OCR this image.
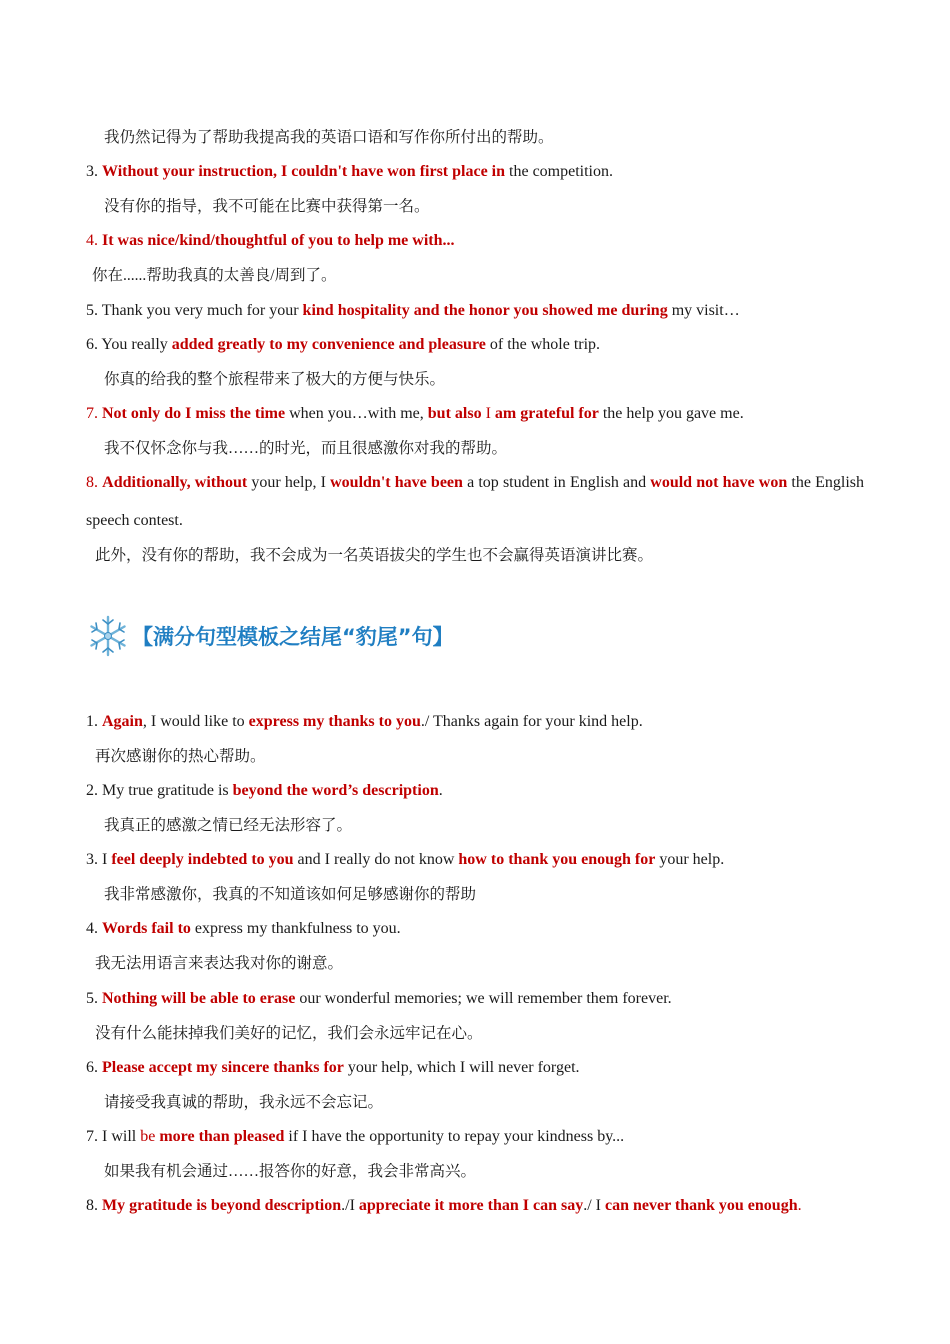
我仍然记得为了帮助我提高我的英语口语和写作你所付出的帮助。
3. Without your instruction, I couldn't have won first place in the competition.
没有你的指导，我不可能在比赛中获得第一名。
4. It was nice/kind/thoughtful of you to help me with...
你在......帮助我真的太善良/周到了。
5. Thank you very much for your kind hospitality and the honor you showed me during my visit…
6. You really added greatly to my convenience and pleasure of the whole trip.
你真的给我的整个旅程带来了极大的方便与快乐。
7. Not only do I miss the time when you…with me, but also I am grateful for the help you gave me.
我不仅怀念你与我……的时光，而且很感激你对我的帮助。
8. Additionally, without your help, I wouldn't have been a top student in English and would not have won the English speech contest.
此外，没有你的帮助，我不会成为一名英语拔尖的学生也不会赢得英语演讲比赛。
【满分句型模板之结尾“豹尾”句】
1. Again, I would like to express my thanks to you./ Thanks again for your kind help.
再次感谢你的热心帮助。
2. My true gratitude is beyond the word’s description.
我真正的感激之情已经无法形容了。
3. I feel deeply indebted to you and I really do not know how to thank you enough for your help.
我非常感激你，我真的不知道该如何足够感谢你的帮助
4. Words fail to express my thankfulness to you.
我无法用语言来表达我对你的谢意。
5. Nothing will be able to erase our wonderful memories; we will remember them forever.
没有什么能抹掉我们美好的记忆，我们会永远牢记在心。
6. Please accept my sincere thanks for your help, which I will never forget.
请接受我真诚的帮助，我永远不会忘记。
7. I will be more than pleased if I have the opportunity to repay your kindness by...
如果我有机会通过……报答你的好意，我会非常高兴。
8. My gratitude is beyond description./I appreciate it more than I can say./ I can never thank you enough.
